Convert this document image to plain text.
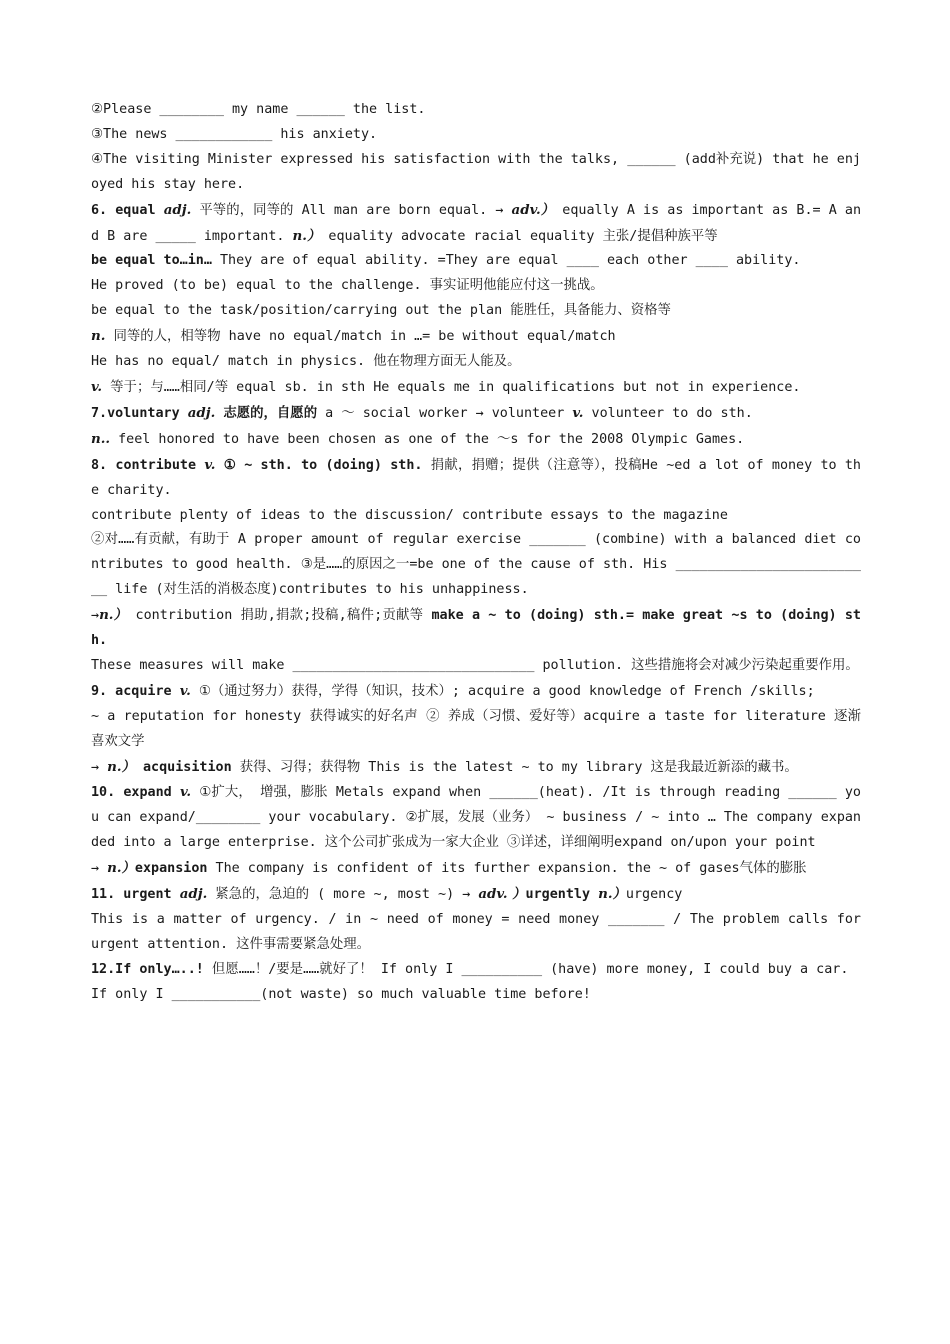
②Please ________ my name ______ the list.

③The news ____________ his anxiety.

④The visiting Minister expressed his satisfaction with the talks, ______ (add补充说) that he enjoyed his stay here.

6. equal adj. 平等的，同等的 All man are born equal. → adv.） equally A is as important as B.= A and B are _____ important. n.） equality advocate racial equality 主张/提倡种族平等

be equal to…in… They are of equal ability. =They are equal ____ each other ____ ability.

He proved (to be) equal to the challenge. 事实证明他能应付这一挑战。

be equal to the task/position/carrying out the plan 能胜任，具备能力、资格等

n. 同等的人，相等物 have no equal/match in …= be without equal/match

He has no equal/ match in physics. 他在物理方面无人能及。

v. 等于；与……相同/等 equal sb. in sth He equals me in qualifications but not in experience.

7.voluntary adj. 志愿的，自愿的 a ～ social worker → volunteer v. volunteer to do sth.

n.. feel honored to have been chosen as one of the ～s for the 2008 Olympic Games.

8. contribute v. ① ~ sth. to (doing) sth. 捐献，捐赠；提供（注意等），投稿He ~ed a lot of money to the charity.

contribute plenty of ideas to the discussion/ contribute essays to the magazine

②对……有贡献，有助于 A proper amount of regular exercise _______ (combine) with a balanced diet contributes to good health. ③是……的原因之一=be one of the cause of sth. His _________________________ life (对生活的消极态度)contributes to his unhappiness.

→n.） contribution 捐助,捐款;投稿,稿件;贡献等 make a ~ to (doing) sth.= make great ~s to (doing) sth.

These measures will make ______________________________ pollution. 这些措施将会对减少污染起重要作用。

9. acquire v. ①（通过努力）获得，学得（知识，技术）; acquire a good knowledge of French /skills;

~ a reputation for honesty 获得诚实的好名声 ② 养成（习惯、爱好等）acquire a taste for literature 逐渐喜欢文学

→ n.） acquisition 获得、习得；获得物 This is the latest ~ to my library 这是我最近新添的藏书。

10. expand v. ①扩大， 增强，膨胀 Metals expand when ______(heat). /It is through reading ______ you can expand/________ your vocabulary. ②扩展，发展（业务） ~ business / ~ into … The company expanded into a large enterprise. 这个公司扩张成为一家大企业 ③详述，详细阐明expand on/upon your point

→ n.）expansion The company is confident of its further expansion. the ~ of gases气体的膨胀

11. urgent adj. 紧急的，急迫的 ( more ~, most ~) → adv. ）urgently n.）urgency

This is a matter of urgency. / in ~ need of money = need money _______ / The problem calls for urgent attention. 这件事需要紧急处理。

12.If only…..! 但愿……！/要是……就好了！ If only I __________ (have) more money, I could buy a car.

If only I ___________(not waste) so much valuable time before!
